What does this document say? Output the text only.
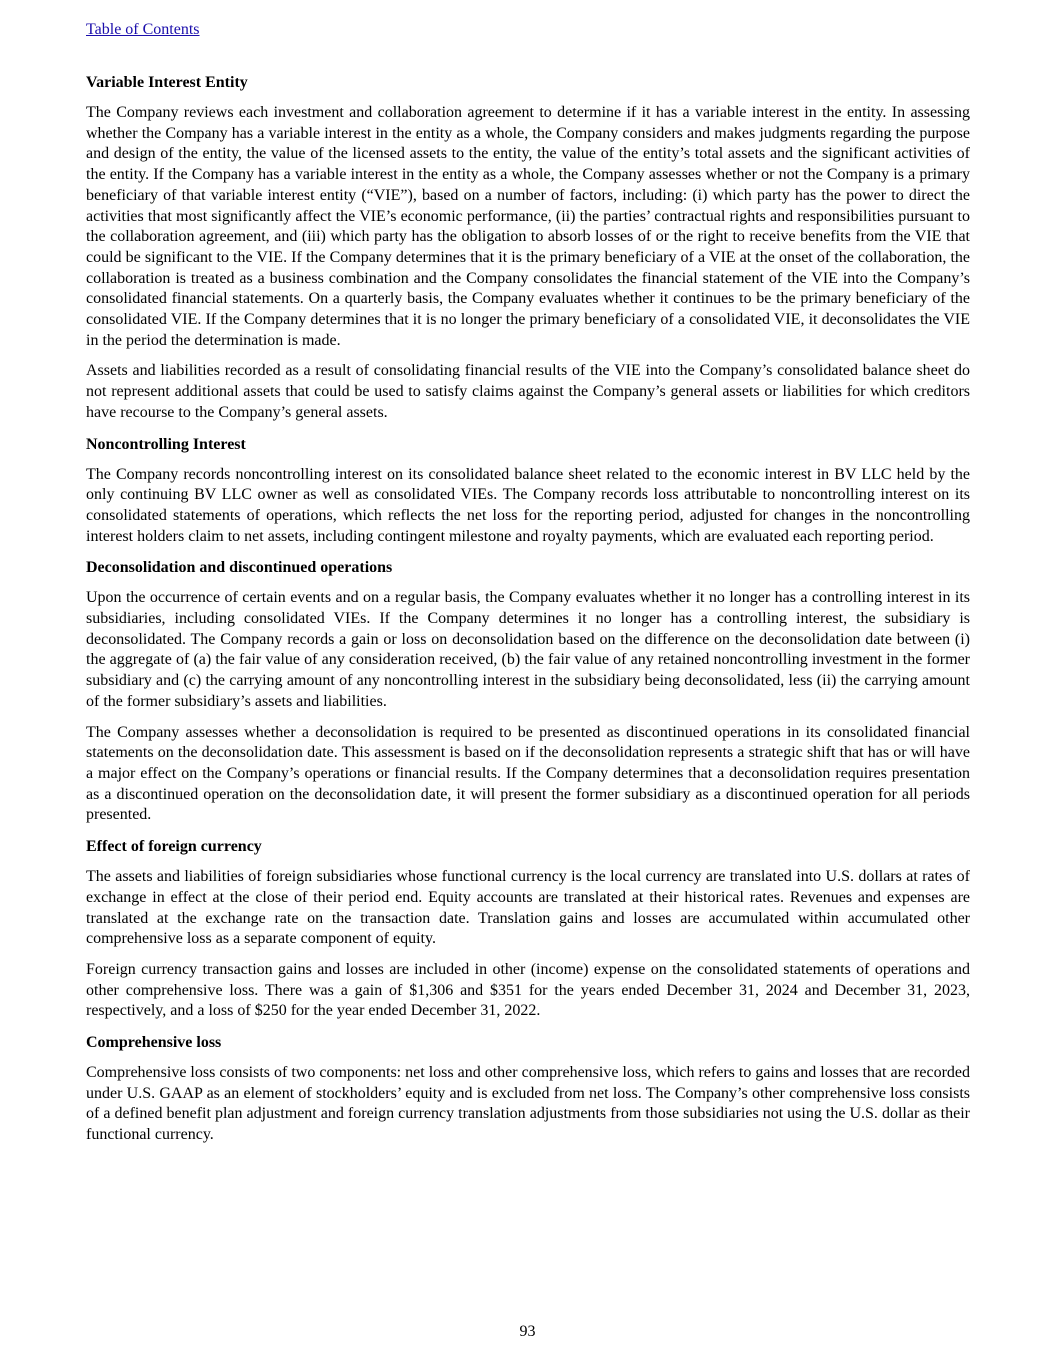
Table of Contents
Variable Interest Entity

The Company reviews each investment and collaboration agreement to determine if it has a variable interest in the entity. In assessing whether the Company has a variable interest in the entity as a whole, the Company considers and makes judgments regarding the purpose and design of the entity, the value of the licensed assets to the entity, the value of the entity’s total assets and the significant activities of the entity. If the Company has a variable interest in the entity as a whole, the Company assesses whether or not the Company is a primary beneficiary of that variable interest entity (“VIE”), based on a number of factors, including: (i) which party has the power to direct the activities that most significantly affect the VIE’s economic performance, (ii) the parties’ contractual rights and responsibilities pursuant to the collaboration agreement, and (iii) which party has the obligation to absorb losses of or the right to receive benefits from the VIE that could be significant to the VIE. If the Company determines that it is the primary beneficiary of a VIE at the onset of the collaboration, the collaboration is treated as a business combination and the Company consolidates the financial statement of the VIE into the Company’s consolidated financial statements. On a quarterly basis, the Company evaluates whether it continues to be the primary beneficiary of the consolidated VIE. If the Company determines that it is no longer the primary beneficiary of a consolidated VIE, it deconsolidates the VIE in the period the determination is made.

Assets and liabilities recorded as a result of consolidating financial results of the VIE into the Company’s consolidated balance sheet do not represent additional assets that could be used to satisfy claims against the Company’s general assets or liabilities for which creditors have recourse to the Company’s general assets.

Noncontrolling Interest

The Company records noncontrolling interest on its consolidated balance sheet related to the economic interest in BV LLC held by the only continuing BV LLC owner as well as consolidated VIEs. The Company records loss attributable to noncontrolling interest on its consolidated statements of operations, which reflects the net loss for the reporting period, adjusted for changes in the noncontrolling interest holders claim to net assets, including contingent milestone and royalty payments, which are evaluated each reporting period.

Deconsolidation and discontinued operations

Upon the occurrence of certain events and on a regular basis, the Company evaluates whether it no longer has a controlling interest in its subsidiaries, including consolidated VIEs. If the Company determines it no longer has a controlling interest, the subsidiary is deconsolidated. The Company records a gain or loss on deconsolidation based on the difference on the deconsolidation date between (i) the aggregate of (a) the fair value of any consideration received, (b) the fair value of any retained noncontrolling investment in the former subsidiary and (c) the carrying amount of any noncontrolling interest in the subsidiary being deconsolidated, less (ii) the carrying amount of the former subsidiary’s assets and liabilities.

The Company assesses whether a deconsolidation is required to be presented as discontinued operations in its consolidated financial statements on the deconsolidation date. This assessment is based on if the deconsolidation represents a strategic shift that has or will have a major effect on the Company’s operations or financial results. If the Company determines that a deconsolidation requires presentation as a discontinued operation on the deconsolidation date, it will present the former subsidiary as a discontinued operation for all periods presented.

Effect of foreign currency

The assets and liabilities of foreign subsidiaries whose functional currency is the local currency are translated into U.S. dollars at rates of exchange in effect at the close of their period end. Equity accounts are translated at their historical rates. Revenues and expenses are translated at the exchange rate on the transaction date. Translation gains and losses are accumulated within accumulated other comprehensive loss as a separate component of equity.

Foreign currency transaction gains and losses are included in other (income) expense on the consolidated statements of operations and other comprehensive loss. There was a gain of $1,306 and $351 for the years ended December 31, 2024 and December 31, 2023, respectively, and a loss of $250 for the year ended December 31, 2022.

Comprehensive loss

Comprehensive loss consists of two components: net loss and other comprehensive loss, which refers to gains and losses that are recorded under U.S. GAAP as an element of stockholders’ equity and is excluded from net loss. The Company’s other comprehensive loss consists of a defined benefit plan adjustment and foreign currency translation adjustments from those subsidiaries not using the U.S. dollar as their functional currency.

93
